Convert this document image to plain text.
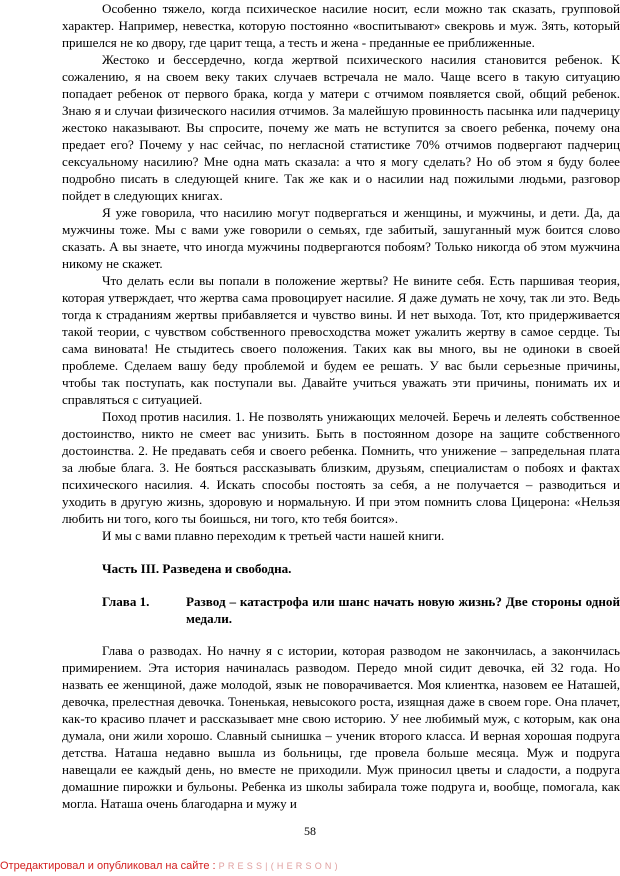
Особенно тяжело, когда психическое насилие носит, если можно так сказать, групповой характер. Например, невестка, которую постоянно «воспитывают» свекровь и муж. Зять, который пришелся не ко двору, где царит теща, а тесть и жена - преданные ее приближенные.

Жестоко и бессердечно, когда жертвой психического насилия становится ребенок. К сожалению, я на своем веку таких случаев встречала не мало. Чаще всего в такую ситуацию попадает ребенок от первого брака, когда у матери с отчимом появляется свой, общий ребенок. Знаю я и случаи физического насилия отчимов. За малейшую провинность пасынка или падчерицу жестоко наказывают. Вы спросите, почему же мать не вступится за своего ребенка, почему она предает его? Почему у нас сейчас, по негласной статистике 70% отчимов подвергают падчериц сексуальному насилию? Мне одна мать сказала: а что я могу сделать? Но об этом я буду более подробно писать в следующей книге. Так же как и о насилии над пожилыми людьми, разговор пойдет в следующих книгах.

Я уже говорила, что насилию могут подвергаться и женщины, и мужчины, и дети. Да, да мужчины тоже. Мы с вами уже говорили о семьях, где забитый, зашуганный муж боится слово сказать. А вы знаете, что иногда мужчины подвергаются побоям? Только никогда об этом мужчина никому не скажет.

Что делать если вы попали в положение жертвы? Не вините себя. Есть паршивая теория, которая утверждает, что жертва сама провоцирует насилие. Я даже думать не хочу, так ли это. Ведь тогда к страданиям жертвы прибавляется и чувство вины. И нет выхода. Тот, кто придерживается такой теории, с чувством собственного превосходства может ужалить жертву в самое сердце. Ты сама виновата! Не стыдитесь своего положения. Таких как вы много, вы не одиноки в своей проблеме. Сделаем вашу беду проблемой и будем ее решать. У вас были серьезные причины, чтобы так поступать, как поступали вы. Давайте учиться уважать эти причины, понимать их и справляться с ситуацией.

Поход против насилия. 1. Не позволять унижающих мелочей. Беречь и лелеять собственное достоинство, никто не смеет вас унизить. Быть в постоянном дозоре на защите собственного достоинства. 2. Не предавать себя и своего ребенка. Помнить, что унижение – запредельная плата за любые блага. 3. Не бояться рассказывать близким, друзьям, специалистам о побоях и фактах психического насилия. 4. Искать способы постоять за себя, а не получается – разводиться и уходить в другую жизнь, здоровую и нормальную. И при этом помнить слова Цицерона: «Нельзя любить ни того, кого ты боишься, ни того, кто тебя боится».

И мы с вами плавно переходим к третьей части нашей книги.

Часть III. Разведена и свободна.

Глава 1.	Развод – катастрофа или шанс начать новую жизнь? Две стороны одной медали.

Глава о разводах. Но начну я с истории, которая разводом не закончилась, а закончилась примирением. Эта история начиналась разводом. Передо мной сидит девочка, ей 32 года. Но назвать ее женщиной, даже молодой, язык не поворачивается. Моя клиентка, назовем ее Наташей, девочка, прелестная девочка. Тоненькая, невысокого роста, изящная даже в своем горе. Она плачет, как-то красиво плачет и рассказывает мне свою историю. У нее любимый муж, с которым, как она думала, они жили хорошо. Славный сынишка – ученик второго класса. И верная хорошая подруга детства. Наташа недавно вышла из больницы, где провела больше месяца. Муж и подруга навещали ее каждый день, но вместе не приходили. Муж приносил цветы и сладости, а подруга домашние пирожки и бульоны. Ребенка из школы забирала тоже подруга и, вообще, помогала, как могла. Наташа очень благодарна и мужу и

58
Отредактировал и опубликовал на сайте : PRESS|(HERSON)
